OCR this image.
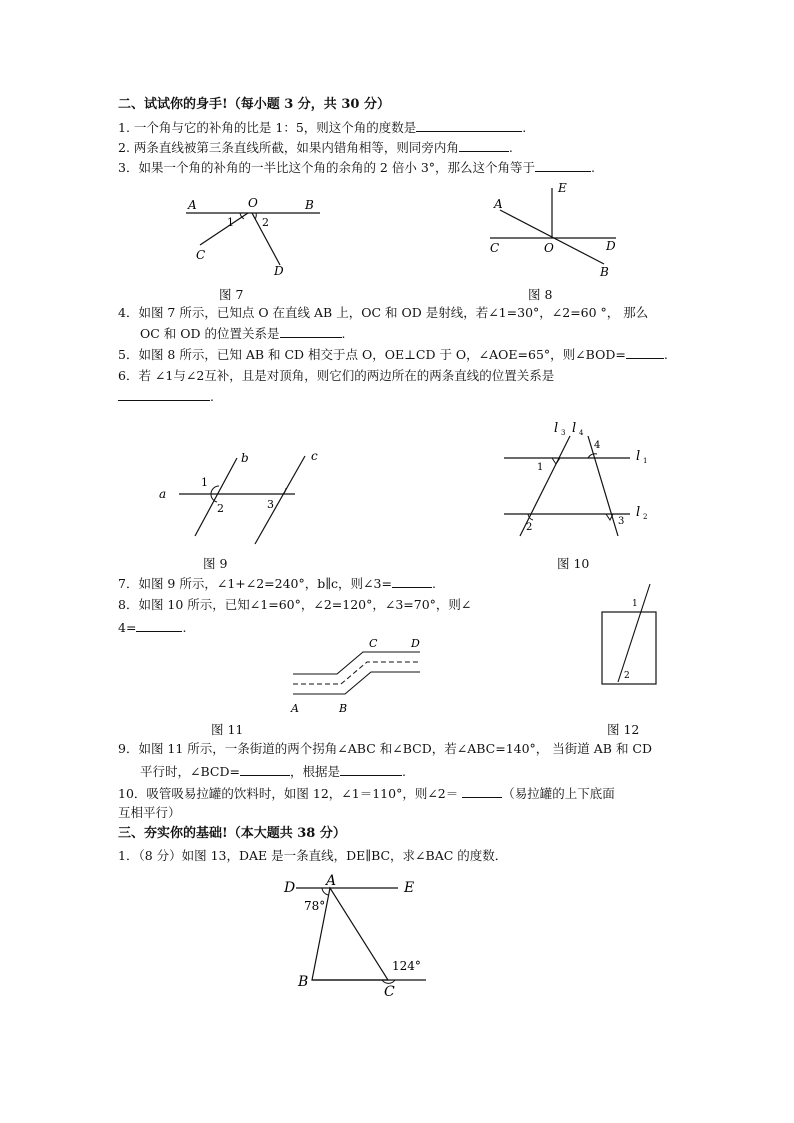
二、试试你的身手!（每小题 3 分，共 30 分）
1. 一个角与它的补角的比是 1：5，则这个角的度数是	.
2. 两条直线被第三条直线所截，如果内错角相等，则同旁内角	.
3．如果一个角的补角的一半比这个角的余角的 2 倍小 3°，那么这个角等于	.
A	O	B
1	2
C
D
图 7
E
A
C	O	D
B
图 8
4．如图 7 所示，已知点 O 在直线 AB 上，OC 和 OD 是射线，若∠1=30°，∠2=60 °， 那么
OC 和 OD 的位置关系是	.
5．如图 8 所示，已知 AB 和 CD 相交于点 O，OE⊥CD 于 O，∠AOE=65°，则∠BOD=	.
6．若 ∠1与∠2互补，且是对顶角，则它们的两边所在的两条直线的位置关系是
.
b	c
a
1
2	3
图 9
l 3 l 4
4
l 1
1
l 2
2
3
图 10
7．如图 9 所示，∠1+∠2=240°，b∥c，则∠3=	.
8．如图 10 所示，已知∠1=60°，∠2=120°，∠3=70°，则∠
4=	.
C	D
A	B
图 11
1
2
图 12
9．如图 11 所示，一条街道的两个拐角∠ABC 和∠BCD，若∠ABC=140°， 当街道 AB 和 CD
平行时，∠BCD=	，根据是	.
10．吸管吸易拉罐的饮料时，如图 12，∠1＝110°，则∠2＝	（易拉罐的上下底面
互相平行）
三、夯实你的基础!（本大题共 38 分）
1．（8 分）如图 13，DAE 是一条直线，DE∥BC，求∠BAC 的度数．
D A	E
78°
124°
B
C
